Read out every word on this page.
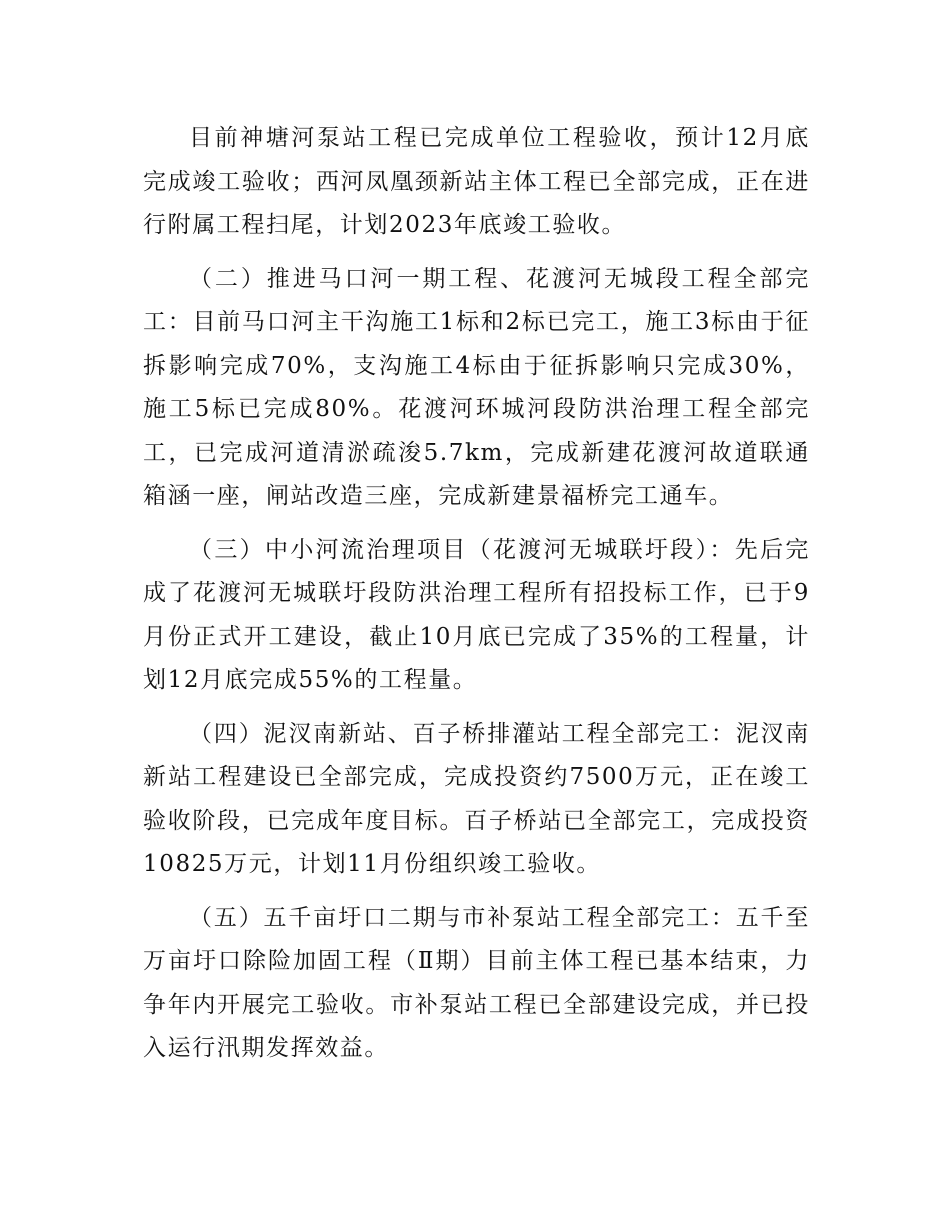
目前神塘河泵站工程已完成单位工程验收，预计12月底完成竣工验收；西河凤凰颈新站主体工程已全部完成，正在进行附属工程扫尾，计划2023年底竣工验收。

（二）推进马口河一期工程、花渡河无城段工程全部完工：目前马口河主干沟施工1标和2标已完工，施工3标由于征拆影响完成70%，支沟施工4标由于征拆影响只完成30%，施工5标已完成80%。花渡河环城河段防洪治理工程全部完工，已完成河道清淤疏浚5.7km，完成新建花渡河故道联通箱涵一座，闸站改造三座，完成新建景福桥完工通车。

（三）中小河流治理项目（花渡河无城联圩段）：先后完成了花渡河无城联圩段防洪治理工程所有招投标工作，已于9月份正式开工建设，截止10月底已完成了35%的工程量，计划12月底完成55%的工程量。

（四）泥汊南新站、百子桥排灌站工程全部完工：泥汊南新站工程建设已全部完成，完成投资约7500万元，正在竣工验收阶段，已完成年度目标。百子桥站已全部完工，完成投资10825万元，计划11月份组织竣工验收。

（五）五千亩圩口二期与市补泵站工程全部完工：五千至万亩圩口除险加固工程（Ⅱ期）目前主体工程已基本结束，力争年内开展完工验收。市补泵站工程已全部建设完成，并已投入运行汛期发挥效益。
